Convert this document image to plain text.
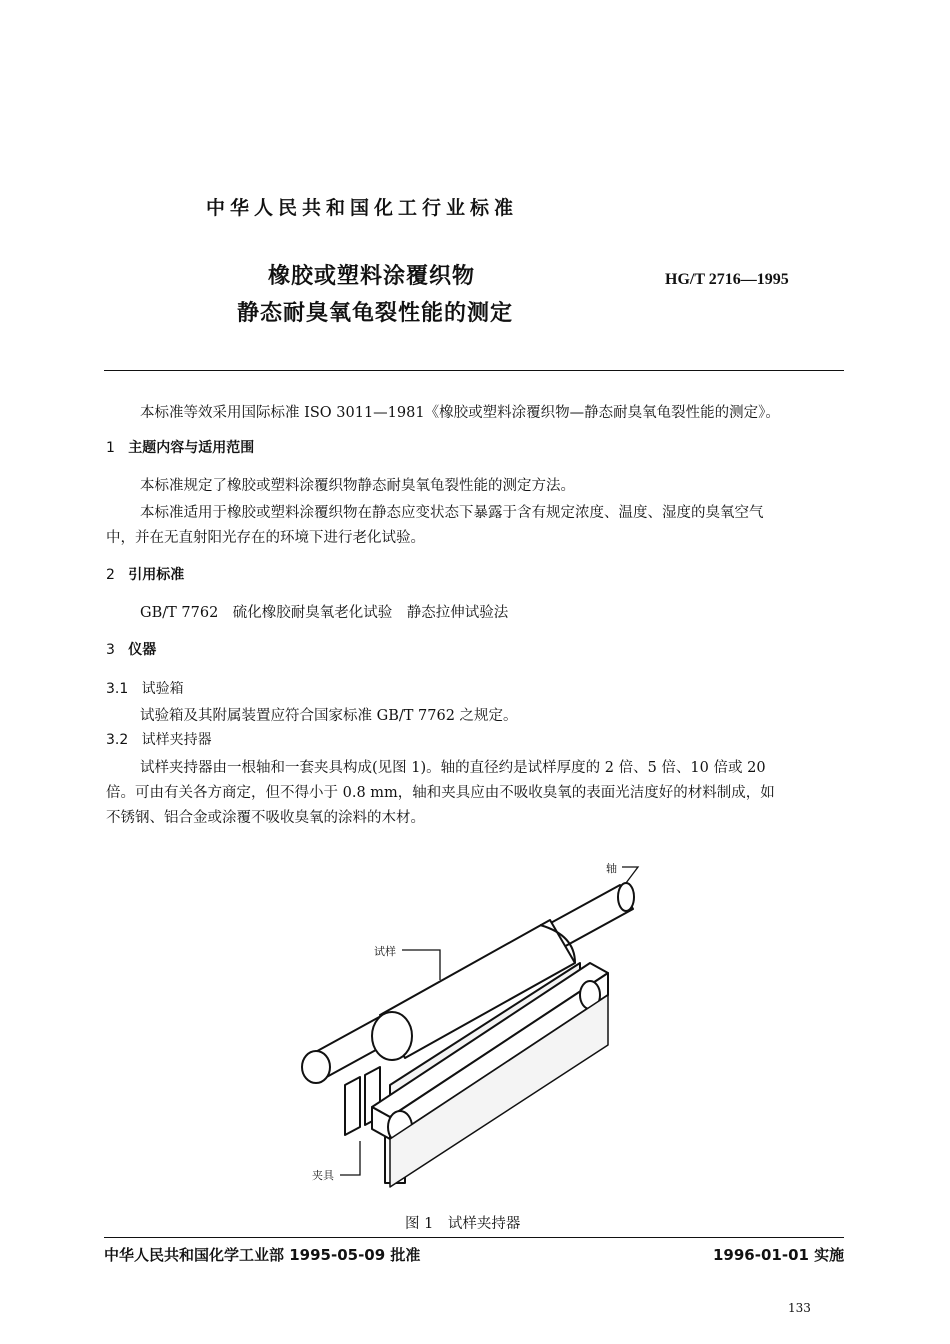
中华人民共和国化工行业标准
橡胶或塑料涂覆织物
静态耐臭氧龟裂性能的测定
HG/T 2716—1995
本标准等效采用国际标准 ISO 3011—1981《橡胶或塑料涂覆织物—静态耐臭氧龟裂性能的测定》。
1 主题内容与适用范围
本标准规定了橡胶或塑料涂覆织物静态耐臭氧龟裂性能的测定方法。
本标准适用于橡胶或塑料涂覆织物在静态应变状态下暴露于含有规定浓度、温度、湿度的臭氧空气
中，并在无直射阳光存在的环境下进行老化试验。
2 引用标准
GB/T 7762　硫化橡胶耐臭氧老化试验　静态拉伸试验法
3 仪器
3.1 试验箱
试验箱及其附属装置应符合国家标准 GB/T 7762 之规定。
3.2 试样夹持器
试样夹持器由一根轴和一套夹具构成(见图 1)。轴的直径约是试样厚度的 2 倍、5 倍、10 倍或 20
倍。可由有关各方商定，但不得小于 0.8 mm，轴和夹具应由不吸收臭氧的表面光洁度好的材料制成，如
不锈钢、铝合金或涂覆不吸收臭氧的涂料的木材。
轴
试样
夹具
图 1　试样夹持器
中华人民共和国化学工业部 1995-05-09 批准	1996-01-01 实施
133
